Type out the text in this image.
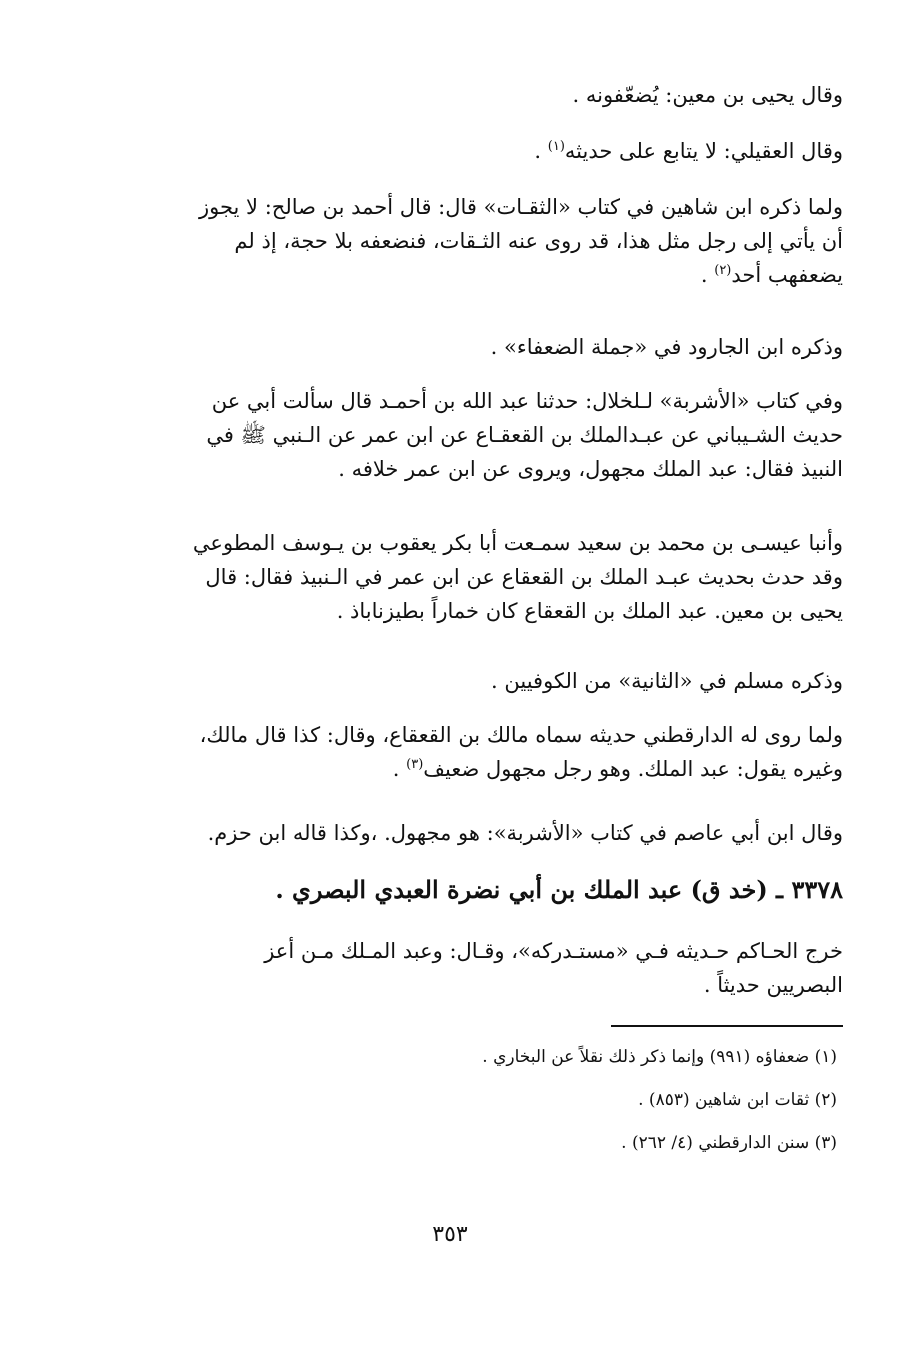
وقال يحيى بن معين: يُضعّفونه .
وقال العقيلي: لا يتابع على حديثه$^{(١)}$ .
ولما ذكره ابن شاهين في كتاب «الثقـات» قال: قال أحمد بن صالح: لا يجوز
أن يأتي إلى رجل مثل هذا، قد روى عنه الثـقات، فنضعفه بلا حجة، إذ لم
يضعفهب أحد$^{(٢)}$ .
وذكره ابن الجارود في «جملة الضعفاء» .
وفي كتاب «الأشربة» لـلخلال: حدثنا عبد الله بن أحمـد قال سألت أبي عن
حديث الشـيباني عن عبـدالملك بن القعقـاع عن ابن عمر عن الـنبي ﷺ في
النبيذ فقال: عبد الملك مجهول، ويروى عن ابن عمر خلافه .
وأنبا عيسـى بن محمد بن سعيد سمـعت أبا بكر يعقوب بن يـوسف المطوعي
وقد حدث بحديث عبـد الملك بن القعقاع عن ابن عمر في الـنبيذ فقال: قال
يحيى بن معين. عبد الملك بن القعقاع كان خماراً بطيزناباذ .
وذكره مسلم في «الثانية» من الكوفيين .
ولما روى له الدارقطني حديثه سماه مالك بن القعقاع، وقال: كذا قال مالك،
وغيره يقول: عبد الملك. وهو رجل مجهول ضعيف$^{(٣)}$ .
وقال ابن أبي عاصم في كتاب «الأشربة»: هو مجهول. ،وكذا قاله ابن حزم.
٣٣٧٨ ـ (خد ق) عبد الملك بن أبي نضرة العبدي البصري .
خرج الحـاكم حـديثه فـي «مستـدركه»، وقـال: وعبد المـلك مـن أعز
البصريين حديثاً .
(١) ضعفاؤه (٩٩١) وإنما ذكر ذلك نقلاً عن البخاري .
(٢) ثقات ابن شاهين (٨٥٣) .
(٣) سنن الدارقطني (٤/ ٢٦٢) .
٣٥٣
